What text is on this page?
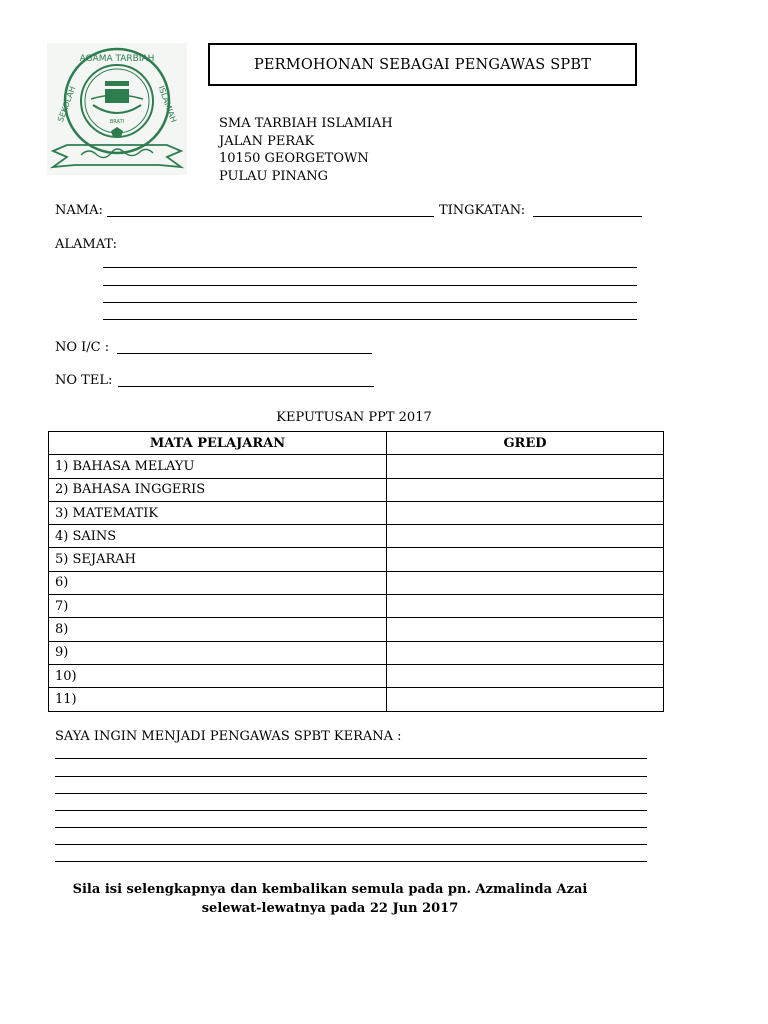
AGAMA TARBIAH
SEKOLAH	ISLAMIAH
BRATI
PERMOHONAN SEBAGAI PENGAWAS SPBT
SMA TARBIAH ISLAMIAH
JALAN PERAK
10150 GEORGETOWN
PULAU PINANG
NAMA:	TINGKATAN:
ALAMAT:
NO I/C :
NO TEL:
KEPUTUSAN PPT 2017
MATA PELAJARAN	GRED
1) BAHASA MELAYU	
2) BAHASA INGGERIS	
3) MATEMATIK	
4) SAINS	
5) SEJARAH	
6)	
7)	
8)	
9)	
10)	
11)	
SAYA INGIN MENJADI PENGAWAS SPBT KERANA :
Sila isi selengkapnya dan kembalikan semula pada pn. Azmalinda Azai
selewat-lewatnya pada 22 Jun 2017
